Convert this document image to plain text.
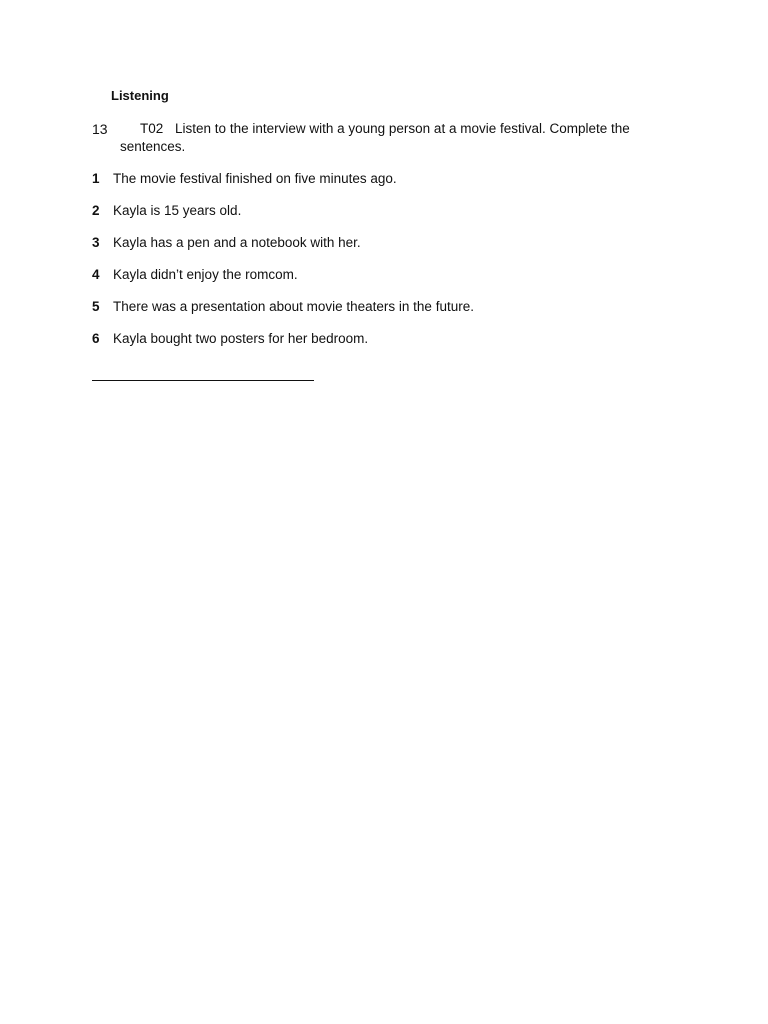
Listening
13	T02 Listen to the interview with a young person at a movie festival. Complete the sentences.
1 The movie festival finished on five minutes ago.
2 Kayla is 15 years old.
3 Kayla has a pen and a notebook with her.
4 Kayla didn’t enjoy the romcom.
5 There was a presentation about movie theaters in the future.
6 Kayla bought two posters for her bedroom.
